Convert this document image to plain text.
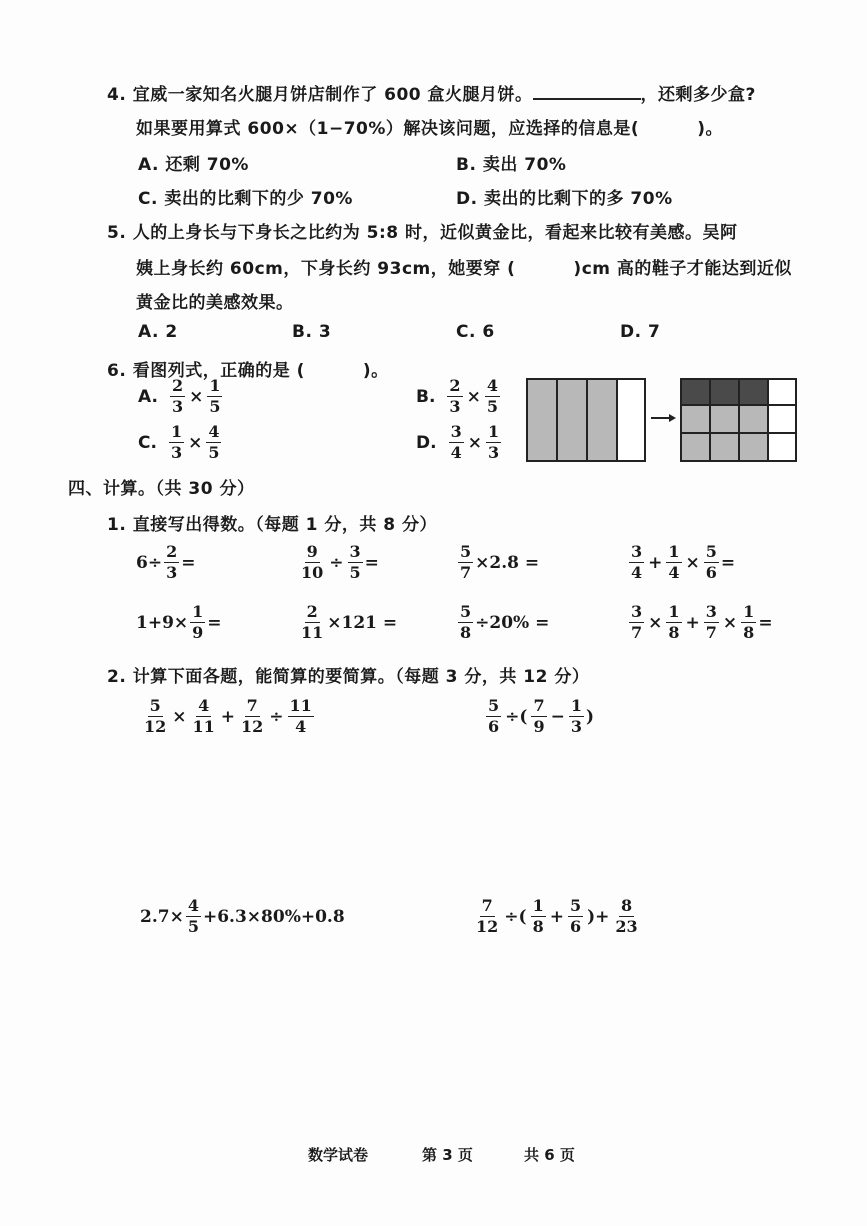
4. 宜威一家知名火腿月饼店制作了 600 盒火腿月饼。	，还剩多少盒?
如果要用算式 600×（1−70%）解决该问题，应选择的信息是(	)。
A. 还剩 70%	B. 卖出 70%
C. 卖出的比剩下的少 70%	D. 卖出的比剩下的多 70%
5. 人的上身长与下身长之比约为 5:8 时，近似黄金比，看起来比较有美感。吴阿
姨上身长约 60cm，下身长约 93cm，她要穿 (	)cm 高的鞋子才能达到近似
黄金比的美感效果。
A. 2	B. 3	C. 6	D. 7
6. 看图列式，正确的是 (	)。
A. $\frac{2}{3} \times \frac{1}{5}$	B. $\frac{2}{3} \times \frac{4}{5}$
C. $\frac{1}{3} \times \frac{4}{5}$	D. $\frac{3}{4} \times \frac{1}{3}$
四、计算。（共 30 分）
1. 直接写出得数。（每题 1 分，共 8 分）
$6\div \frac{2}{3}$ =	$\frac{9}{10} \div \frac{3}{5}$ =	$\frac{5}{7} \times 2.8$ =	$\frac{3}{4} + \frac{1}{4} \times \frac{5}{6}$ =
$1+9\times \frac{1}{9}$ =	$\frac{2}{11} \times 121$ =	$\frac{5}{8} \div 20\%$ =	$\frac{3}{7} \times \frac{1}{8} + \frac{3}{7} \times \frac{1}{8}$ =
2. 计算下面各题，能简算的要简算。（每题 3 分，共 12 分）
$\frac{5}{12} \times \frac{4}{11} + \frac{7}{12} \div \frac{11}{4}$	$\frac{5}{6}$ ÷( $\frac{7}{9} - \frac{1}{3}$ )
$2.7\times \frac{4}{5} +6.3\times 80\%+0.8$	$\frac{7}{12}$ ÷( $\frac{1}{8} + \frac{5}{6}$ )+ $\frac{8}{23}$
数学试卷	第 3 页	共 6 页
